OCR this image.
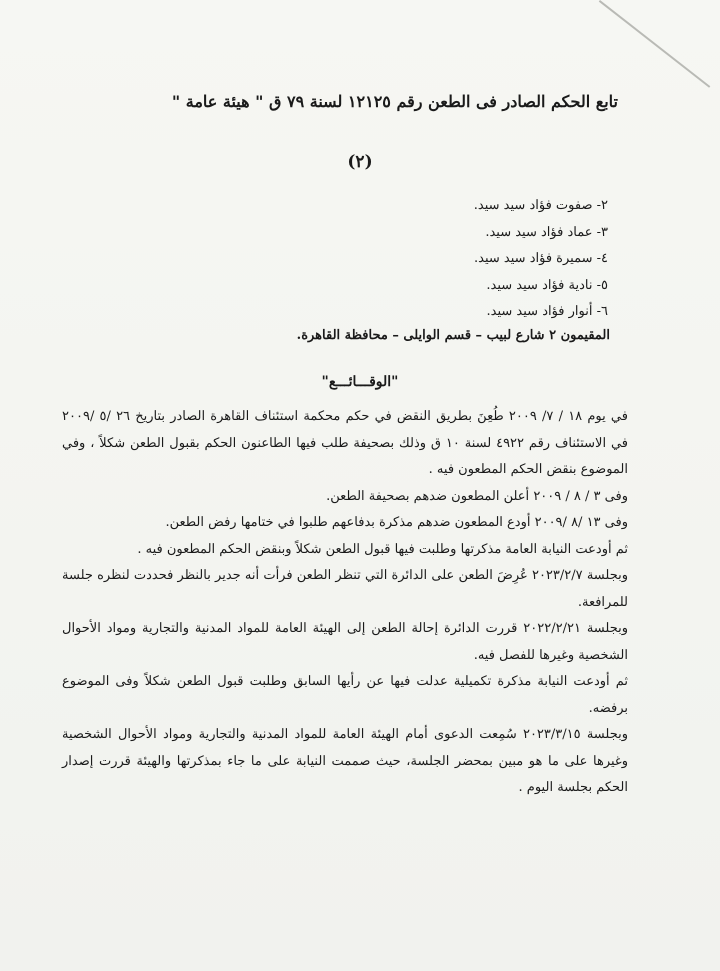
تابع الحكم الصادر فى الطعن رقم ١٢١٢٥ لسنة ٧٩ ق " هيئة عامة "
(٢)
٢- صفوت فؤاد سيد سيد.
٣- عماد فؤاد سيد سيد.
٤- سميرة فؤاد سيد سيد.
٥- نادية فؤاد سيد سيد.
٦- أنوار فؤاد سيد سيد.
المقيمون ٢ شارع لبيب – قسم الوايلى – محافظة القاهرة.
"الوقـــائـــع"

في يوم ١٨ / ٧/ ٢٠٠٩ طُعِنَ بطريق النقض في حكم محكمة استئناف القاهرة الصادر بتاريخ ٢٦ /٥ /٢٠٠٩ في الاستئناف رقم ٤٩٢٢ لسنة ١٠ ق وذلك بصحيفة طلب فيها الطاعنون الحكم بقبول الطعن شكلاً ، وفي الموضوع بنقض الحكم المطعون فيه .

وفى ٣ / ٨ / ٢٠٠٩ أعلن المطعون ضدهم بصحيفة الطعن.

وفى ١٣ /٨ /٢٠٠٩ أودع المطعون ضدهم مذكرة بدفاعهم طلبوا في ختامها رفض الطعن.

ثم أودعت النيابة العامة مذكرتها وطلبت فيها قبول الطعن شكلاً وبنقض الحكم المطعون فيه .

وبجلسة ٢٠٢٣/٢/٧ عُرِضَ الطعن على الدائرة التي تنظر الطعن فرأت أنه جدير بالنظر فحددت لنظره جلسة للمرافعة.

وبجلسة ٢٠٢٢/٢/٢١ قررت الدائرة إحالة الطعن إلى الهيئة العامة للمواد المدنية والتجارية ومواد الأحوال الشخصية وغيرها للفصل فيه.

ثم أودعت النيابة مذكرة تكميلية عدلت فيها عن رأيها السابق وطلبت قبول الطعن شكلاً وفى الموضوع برفضه.

وبجلسة ٢٠٢٣/٣/١٥ سُمِعت الدعوى أمام الهيئة العامة للمواد المدنية والتجارية ومواد الأحوال الشخصية وغيرها على ما هو مبين بمحضر الجلسة، حيث صممت النيابة على ما جاء بمذكرتها والهيئة قررت إصدار الحكم بجلسة اليوم .
